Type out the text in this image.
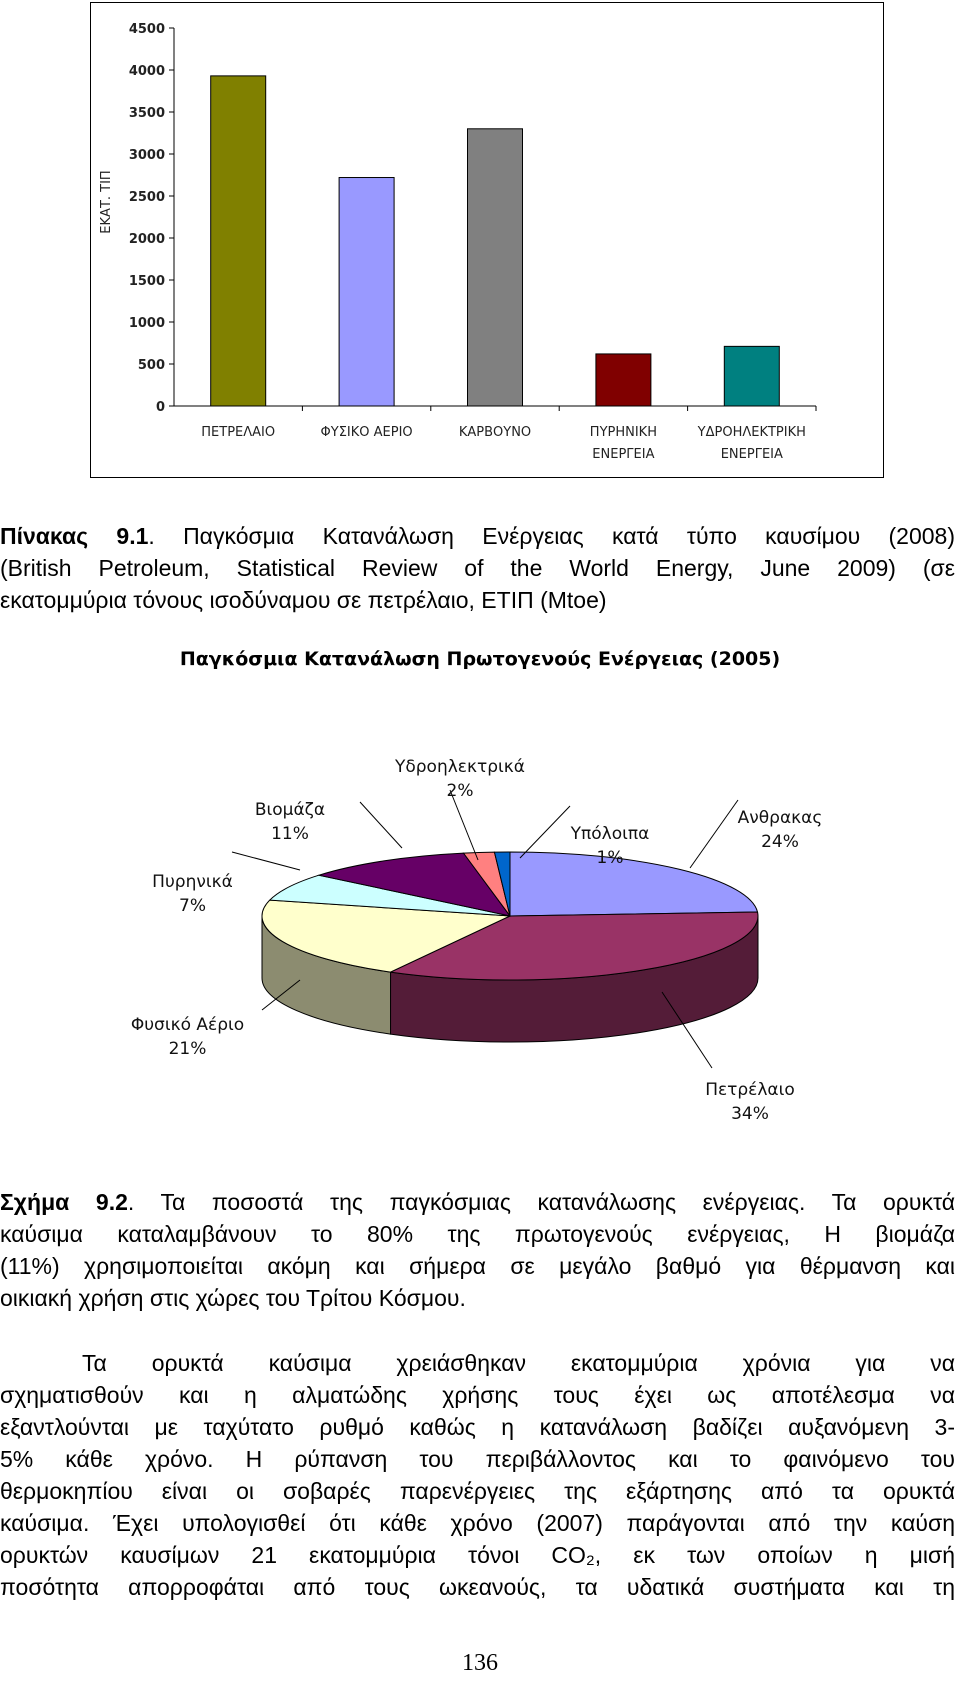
0
500
1000
1500
2000
2500
3000
3500
4000
4500
ΕΚΑΤ. ΤΙΠ
ΠΕΤΡΕΛΑΙΟ	ΦΥΣΙΚΟ ΑΕΡΙΟ	ΚΑΡΒΟΥΝΟ	ΠΥΡΗΝΙΚΗ
ΕΝΕΡΓΕΙΑ
ΥΔΡΟΗΛΕΚΤΡΙΚΗ
ΕΝΕΡΓΕΙΑ
Πίνακας 9.1. Παγκόσμια Κατανάλωση Ενέργειας κατά τύπο καυσίμου (2008)
(British Petroleum, Statistical Review of the World Energy, June 2009) (σε
εκατομμύρια τόνους ισοδύναμου σε πετρέλαιο, ΕΤΙΠ (Mtoe)
Παγκόσμια Κατανάλωση Πρωτογενούς Ενέργειας (2005)
Υδροηλεκτρικά
2%
Βιομάζα
11%	Υπόλοιπα
1%
Ανθρακας
24%
Πυρηνικά
7%
Φυσικό Αέριο
21%
Πετρέλαιο
34%
Σχήμα 9.2. Τα ποσοστά της παγκόσμιας κατανάλωσης ενέργειας. Τα ορυκτά
καύσιμα καταλαμβάνουν το 80% της πρωτογενούς ενέργειας, Η βιομάζα
(11%) χρησιμοποιείται ακόμη και σήμερα σε μεγάλο βαθμό για θέρμανση και
οικιακή χρήση στις χώρες του Τρίτου Κόσμου.
Τα ορυκτά καύσιμα χρειάσθηκαν εκατομμύρια χρόνια για να
σχηματισθούν και η αλματώδης χρήσης τους έχει ως αποτέλεσμα να
εξαντλούνται με ταχύτατο ρυθμό καθώς η κατανάλωση βαδίζει αυξανόμενη 3-
5% κάθε χρόνο. Η ρύπανση του περιβάλλοντος και το φαινόμενο του
θερμοκηπίου είναι οι σοβαρές παρενέργειες της εξάρτησης από τα ορυκτά
καύσιμα. Έχει υπολογισθεί ότι κάθε χρόνο (2007) παράγονται από την καύση
ορυκτών καυσίμων 21 εκατομμύρια τόνοι CO₂, εκ των οποίων η μισή
ποσότητα απορροφάται από τους ωκεανούς, τα υδατικά συστήματα και τη
136
